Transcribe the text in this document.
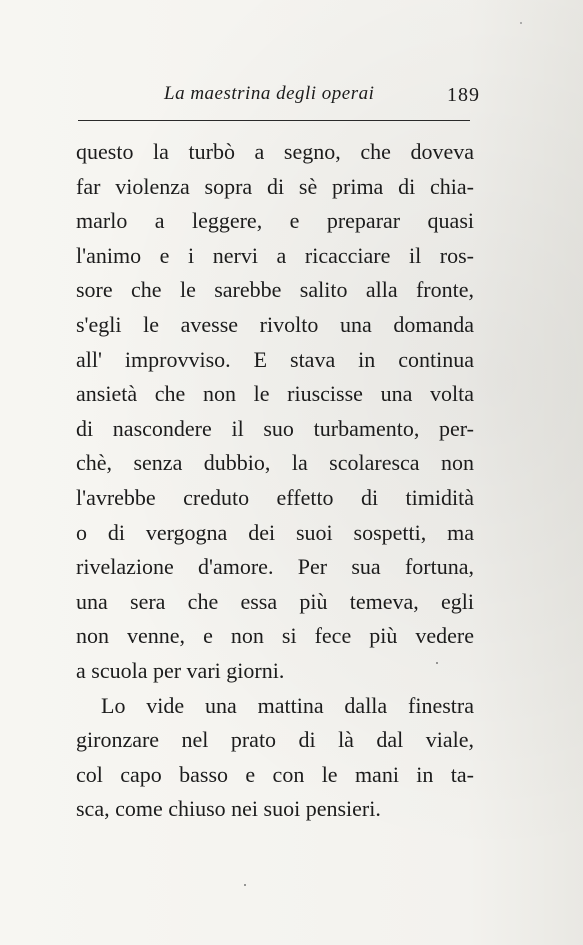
La maestrina degli operai	189
questo la turbò a segno, che doveva
far violenza sopra di sè prima di chia-
marlo a leggere, e preparar quasi
l'animo e i nervi a ricacciare il ros-
sore che le sarebbe salito alla fronte,
s'egli le avesse rivolto una domanda
all' improvviso. E stava in continua
ansietà che non le riuscisse una volta
di nascondere il suo turbamento, per-
chè, senza dubbio, la scolaresca non
l'avrebbe creduto effetto di timidità
o di vergogna dei suoi sospetti, ma
rivelazione d'amore. Per sua fortuna,
una sera che essa più temeva, egli
non venne, e non si fece più vedere
a scuola per vari giorni.
Lo vide una mattina dalla finestra
gironzare nel prato di là dal viale,
col capo basso e con le mani in ta-
sca, come chiuso nei suoi pensieri.
